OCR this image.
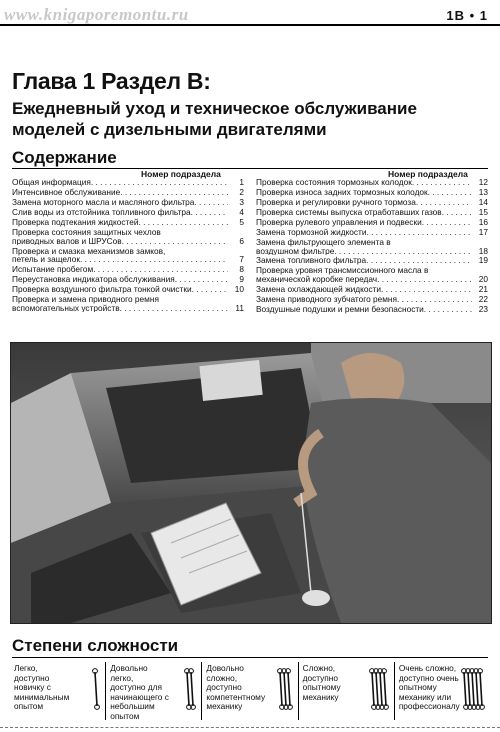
www.knigaporemontu.ru	1В • 1
Глава 1 Раздел В:
Ежедневный уход и техническое обслуживание моделей с дизельными двигателями
Содержание
Номер подраздела	Номер подраздела
Общая информация . . .	1
Интенсивное обслуживание . . .	2
Замена моторного масла и масляного фильтра . . .	3
Слив воды из отстойника топливного фильтра . . .	4
Проверка подтекания жидкостей . . .	5
Проверка состояния защитных чехлов
приводных валов и ШРУСов . . .	6
Проверка и смазка механизмов замков,
петель и защелок . . .	7
Испытание пробегом . . .	8
Переустановка индикатора обслуживания . . .	9
Проверка воздушного фильтра тонкой очистки . . .	10
Проверка и замена приводного ремня
вспомогательных устройств . . .	11
Проверка состояния тормозных колодок . . .	12
Проверка износа задних тормозных колодок . . .	13
Проверка и регулировки ручного тормоза . . .	14
Проверка системы выпуска отработавших газов . . .	15
Проверка рулевого управления и подвески . . .	16
Замена тормозной жидкости . . .	17
Замена фильтрующего элемента в
воздушном фильтре . . .	18
Замена топливного фильтра . . .	19
Проверка уровня трансмиссионного масла в
механической коробке передач . . .	20
Замена охлаждающей жидкости . . .	21
Замена приводного зубчатого ремня . . .	22
Воздушные подушки и ремни безопасности . . .	23
Степени сложности
Легко, доступно новичку с минимальным опытом
Довольно легко, доступно для начинающего с небольшим опытом
Довольно сложно, доступно компетентному механику
Сложно, доступно опытному механику
Очень сложно, доступно очень опытному механику или профессионалу
